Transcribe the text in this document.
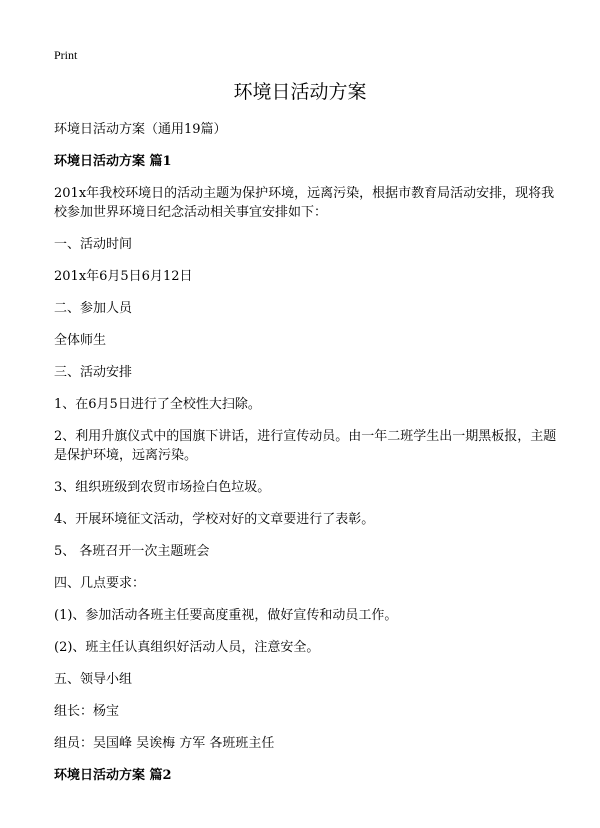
Print
环境日活动方案
环境日活动方案（通用19篇）
环境日活动方案 篇1
201x年我校环境日的活动主题为保护环境，远离污染，根据市教育局活动安排，现将我校参加世界环境日纪念活动相关事宜安排如下：
一、活动时间
201x年6月5日6月12日
二、参加人员
全体师生
三、活动安排
1、在6月5日进行了全校性大扫除。
2、利用升旗仪式中的国旗下讲话，进行宣传动员。由一年二班学生出一期黑板报，主题是保护环境，远离污染。
3、组织班级到农贸市场捡白色垃圾。
4、开展环境征文活动，学校对好的文章要进行了表彰。
5、 各班召开一次主题班会
四、几点要求：
(1)、参加活动各班主任要高度重视，做好宣传和动员工作。
(2)、班主任认真组织好活动人员，注意安全。
五、领导小组
组长：杨宝
组员：吴国峰 吴诶梅 方军 各班班主任
环境日活动方案 篇2
